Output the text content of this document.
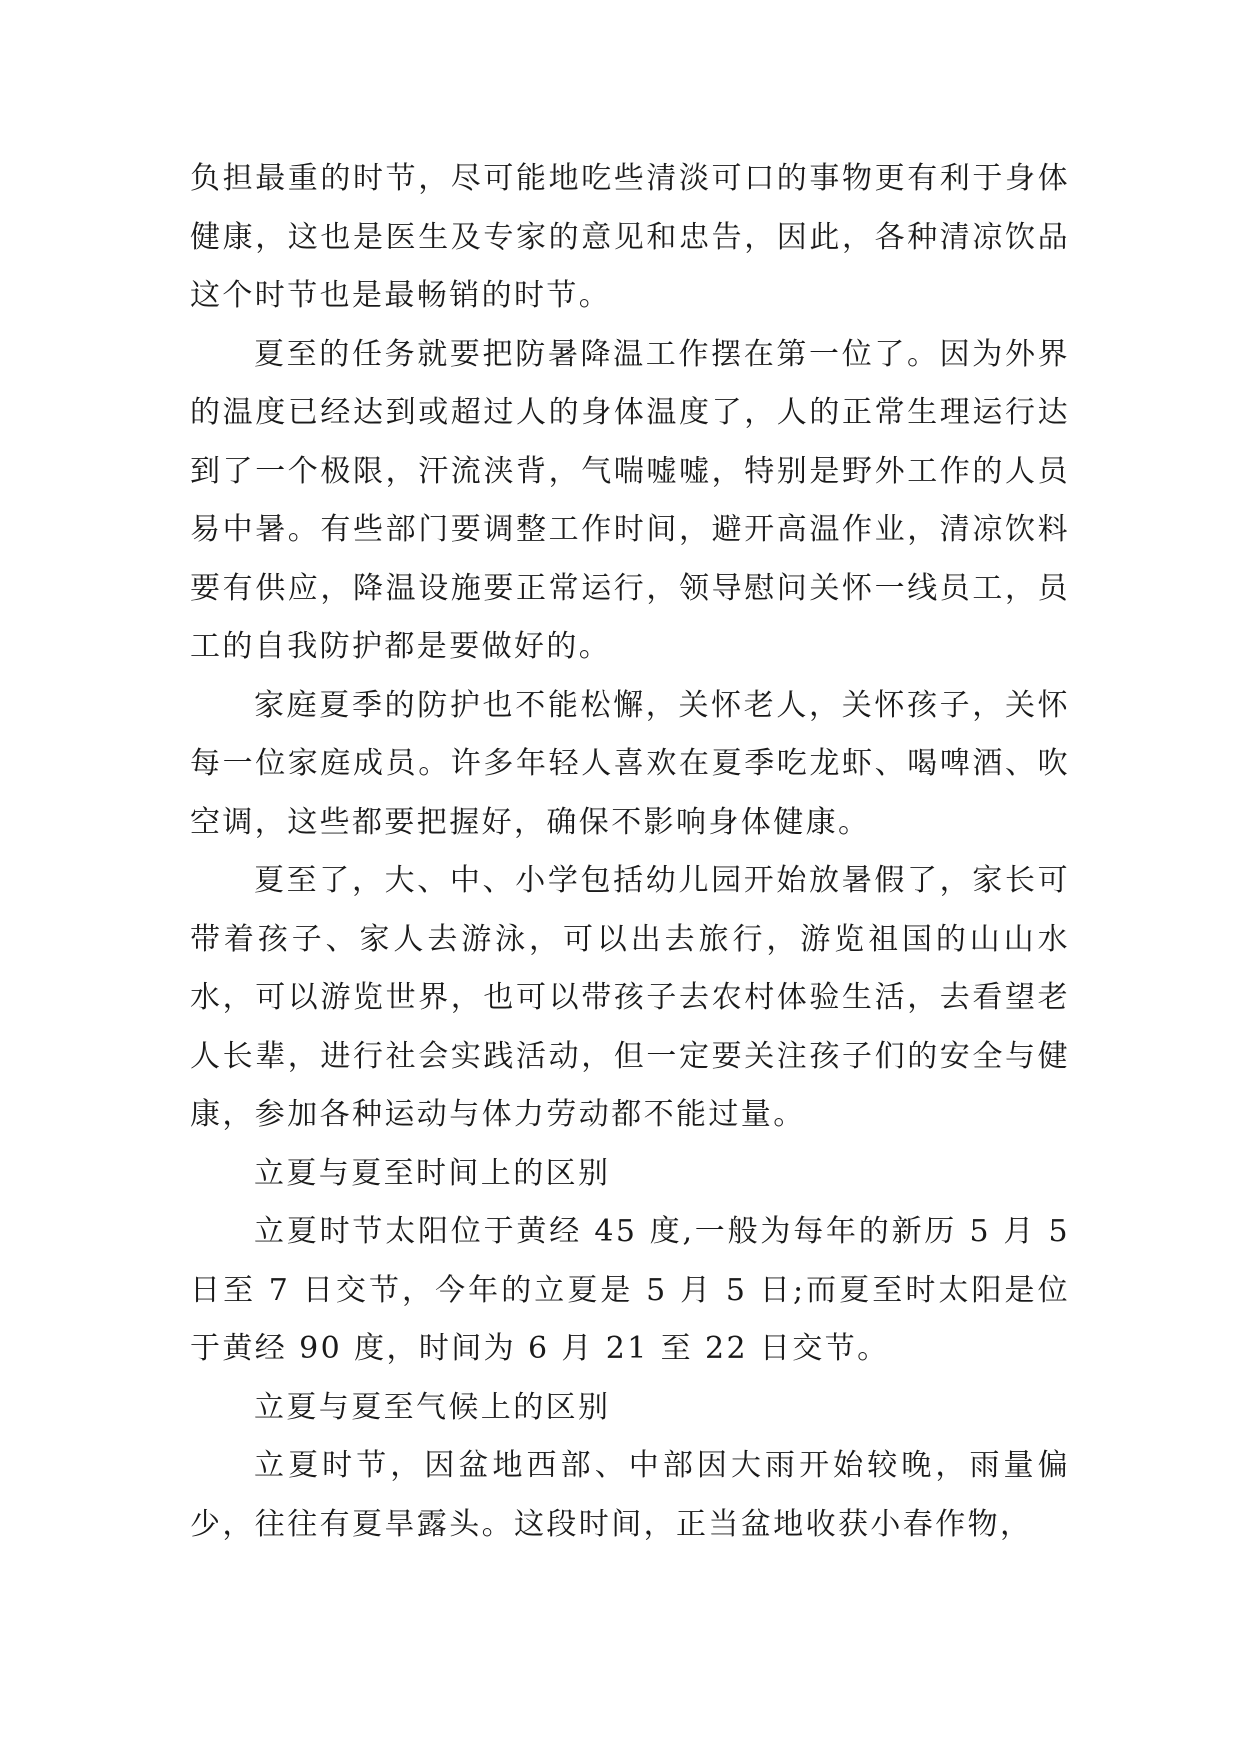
负担最重的时节，尽可能地吃些清淡可口的事物更有利于身体健康，这也是医生及专家的意见和忠告，因此，各种清凉饮品这个时节也是最畅销的时节。

夏至的任务就要把防暑降温工作摆在第一位了。因为外界的温度已经达到或超过人的身体温度了，人的正常生理运行达到了一个极限，汗流浃背，气喘嘘嘘，特别是野外工作的人员易中暑。有些部门要调整工作时间，避开高温作业，清凉饮料要有供应，降温设施要正常运行，领导慰问关怀一线员工，员工的自我防护都是要做好的。

家庭夏季的防护也不能松懈，关怀老人，关怀孩子，关怀每一位家庭成员。许多年轻人喜欢在夏季吃龙虾、喝啤酒、吹空调，这些都要把握好，确保不影响身体健康。

夏至了，大、中、小学包括幼儿园开始放暑假了，家长可带着孩子、家人去游泳，可以出去旅行，游览祖国的山山水水，可以游览世界，也可以带孩子去农村体验生活，去看望老人长辈，进行社会实践活动，但一定要关注孩子们的安全与健康，参加各种运动与体力劳动都不能过量。

立夏与夏至时间上的区别

立夏时节太阳位于黄经 45 度,一般为每年的新历 5 月 5 日至 7 日交节，今年的立夏是 5 月 5 日;而夏至时太阳是位于黄经 90 度，时间为 6 月 21 至 22 日交节。

立夏与夏至气候上的区别

立夏时节，因盆地西部、中部因大雨开始较晚，雨量偏少，往往有夏旱露头。这段时间，正当盆地收获小春作物，
